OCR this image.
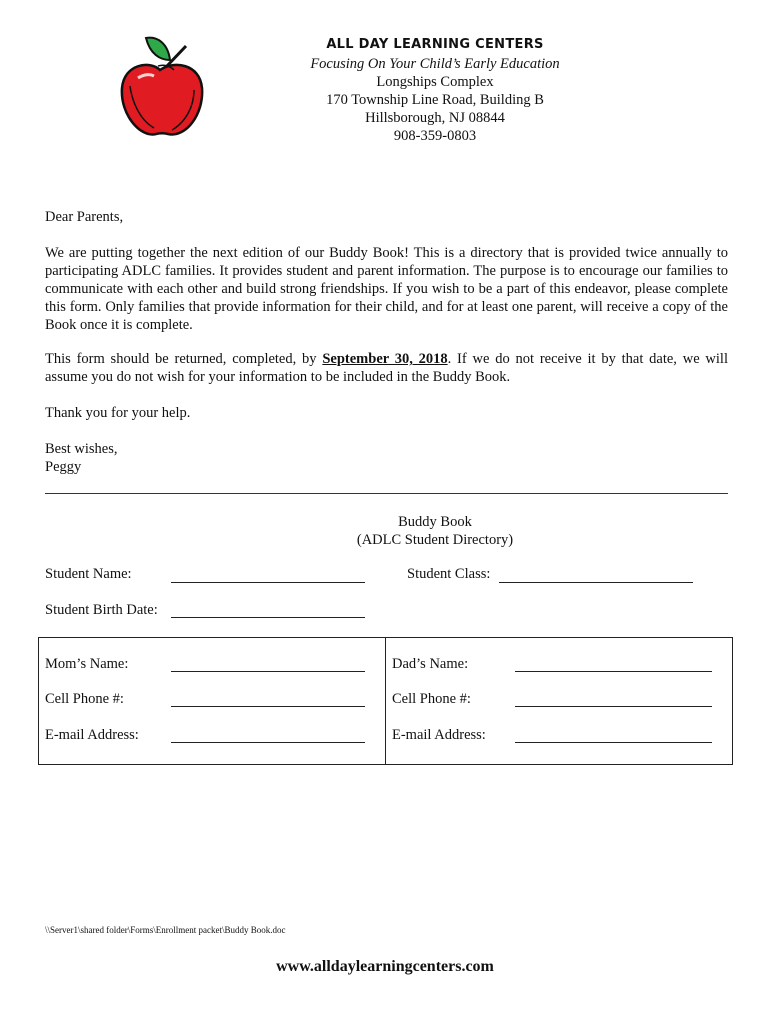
ALL DAY LEARNING CENTERS
Focusing On Your Child’s Early Education
Longships Complex
170 Township Line Road, Building B
Hillsborough, NJ 08844
908-359-0803
Dear Parents,
We are putting together the next edition of our Buddy Book! This is a directory that is provided twice annually to participating ADLC families. It provides student and parent information. The purpose is to encourage our families to communicate with each other and build strong friendships. If you wish to be a part of this endeavor, please complete this form. Only families that provide information for their child, and for at least one parent, will receive a copy of the Book once it is complete.
This form should be returned, completed, by September 30, 2018. If we do not receive it by that date, we will assume you do not wish for your information to be included in the Buddy Book.
Thank you for your help.
Best wishes,
Peggy
Buddy Book
(ADLC Student Directory)
Student Name:	Student Class:
Student Birth Date:
Mom’s Name:	Dad’s Name:
Cell Phone #:	Cell Phone #:
E-mail Address:	E-mail Address:
\\Server1\shared folder\Forms\Enrollment packet\Buddy Book.doc
www.alldaylearningcenters.com
